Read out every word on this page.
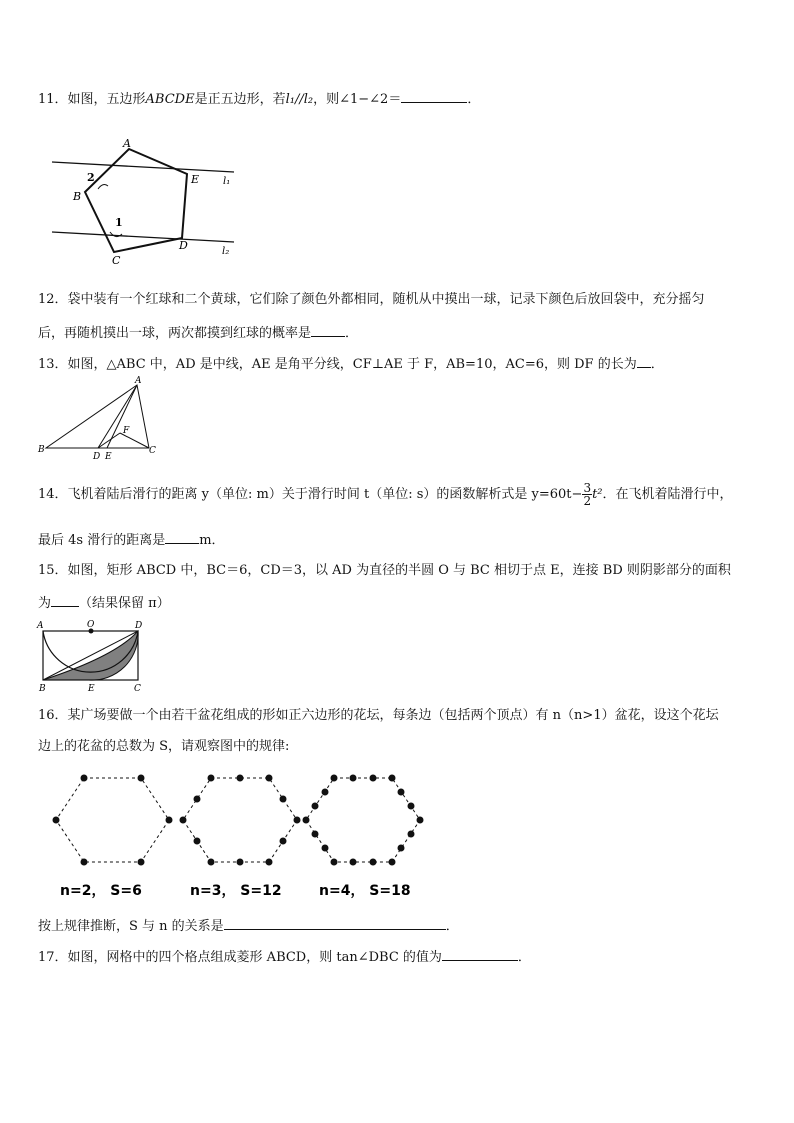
11．如图，五边形ABCDE是正五边形，若l₁//l₂，则∠1−∠2＝	．
A
B
C
D
E l₁
l₂
2
1
12．袋中装有一个红球和二个黄球，它们除了颜色外都相同，随机从中摸出一球，记录下颜色后放回袋中，充分摇匀
后，再随机摸出一球，两次都摸到红球的概率是	．
13．如图，△ABC 中，AD 是中线，AE 是角平分线，CF⊥AE 于 F，AB=10，AC=6，则 DF 的长为 ．
A
B	C
D E
F
14．飞机着陆后滑行的距离 y（单位: m）关于滑行时间 t（单位: s）的函数解析式是 $y=60t- \frac{3}{2} t^2$．在飞机着陆滑行中，
最后 4s 滑行的距离是	m．
15．如图，矩形 ABCD 中，BC＝6，CD＝3，以 AD 为直径的半圆 O 与 BC 相切于点 E，连接 BD 则阴影部分的面积
为 （结果保留 π）
A	O	D
B	E	C
16．某广场要做一个由若干盆花组成的形如正六边形的花坛，每条边（包括两个顶点）有 n（n>1）盆花，设这个花坛
边上的花盆的总数为 S，请观察图中的规律:
n=2， S=6	n=3， S=12	n=4， S=18
按上规律推断，S 与 n 的关系是	．
17．如图，网格中的四个格点组成菱形 ABCD，则 tan∠DBC 的值为	．
